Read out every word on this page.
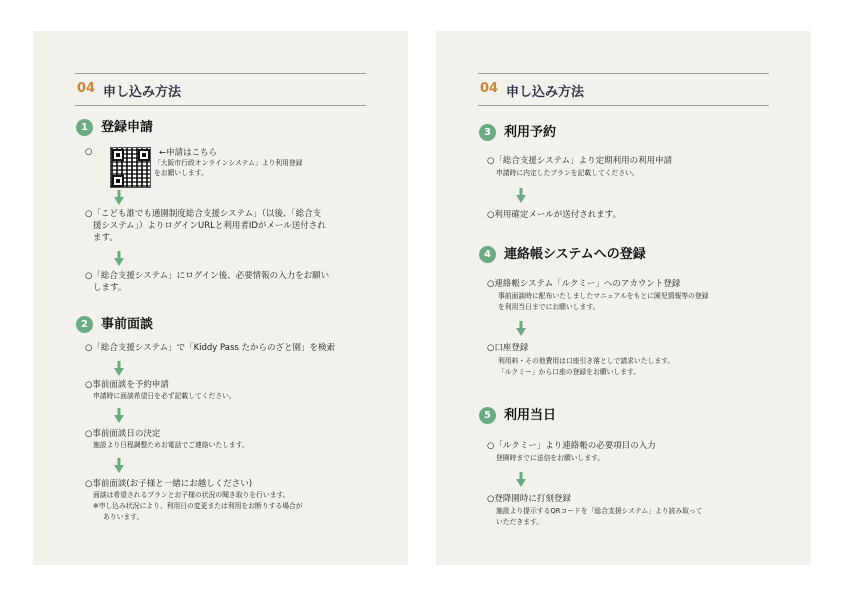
04 申し込み方法
1	登録申請
○	←申請はこちら
「大阪市行政オンラインシステム」より利用登録
をお願いします。
○「こども誰でも通園制度総合支援システム」（以後、「総合支
援システム」）よりログインURLと利用者IDがメール送付され
ます。
○「総合支援システム」にログイン後、必要情報の入力をお願い
します。
2	事前面談
○「総合支援システム」で「Kiddy Pass たからのざと園」を検索
○事前面談を予約申請
申請時に面談希望日を必ず記載してください。
○事前面談日の決定
施設より日程調整ためお電話でご連絡いたします。
○事前面談(お子様と一緒にお越しください)
面談は希望されるプランとお子様の状況の聞き取りを行います。
※申し込み状況により、利用日の変更または利用をお断りする場合が
ありいます。
04 申し込み方法
3	利用予約
○「総合支援システム」より定期利用の利用申請
申請時に内定したプランを記載してください。
○利用確定メールが送付されます。
4	連絡帳システムへの登録
○連絡帳システム「ルクミー」へのアカウント登録
事前面談時に配布いたしましたマニュアルをもとに園児情報等の登録
を利用当日までにお願いします。
○口座登録
利用料・その他費用は口座引き落としで請求いたします。
「ルクミー」から口座の登録をお願いします。
5	利用当日
○「ルクミー」より連絡帳の必要項目の入力
登園時までに送信をお願いします。
○登降園時に打刻登録
施設より提示するQRコードを「総合支援システム」より読み取って
いただきます。
